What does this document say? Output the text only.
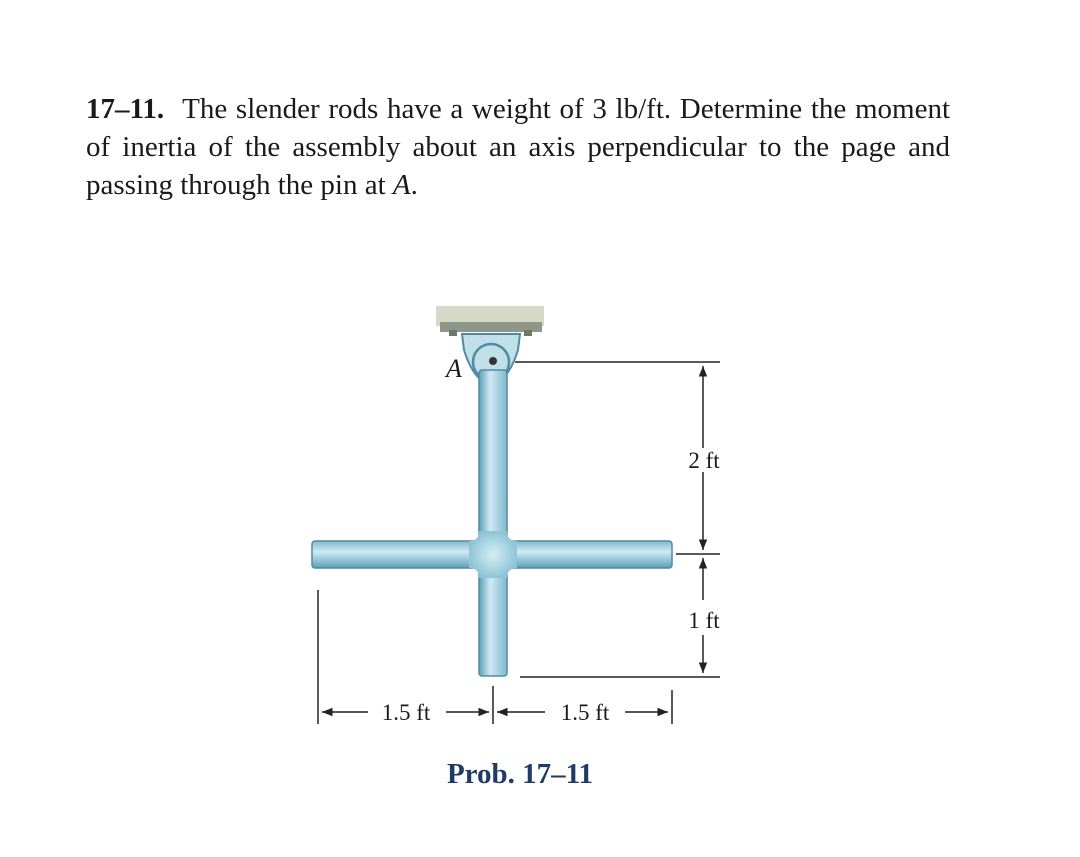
17–11. The slender rods have a weight of 3 lb/ft. Determine the moment of inertia of the assembly about an axis perpendicular to the page and passing through the pin at A.

A
2 ft
1 ft
1.5 ft	1.5 ft
Prob. 17–11
